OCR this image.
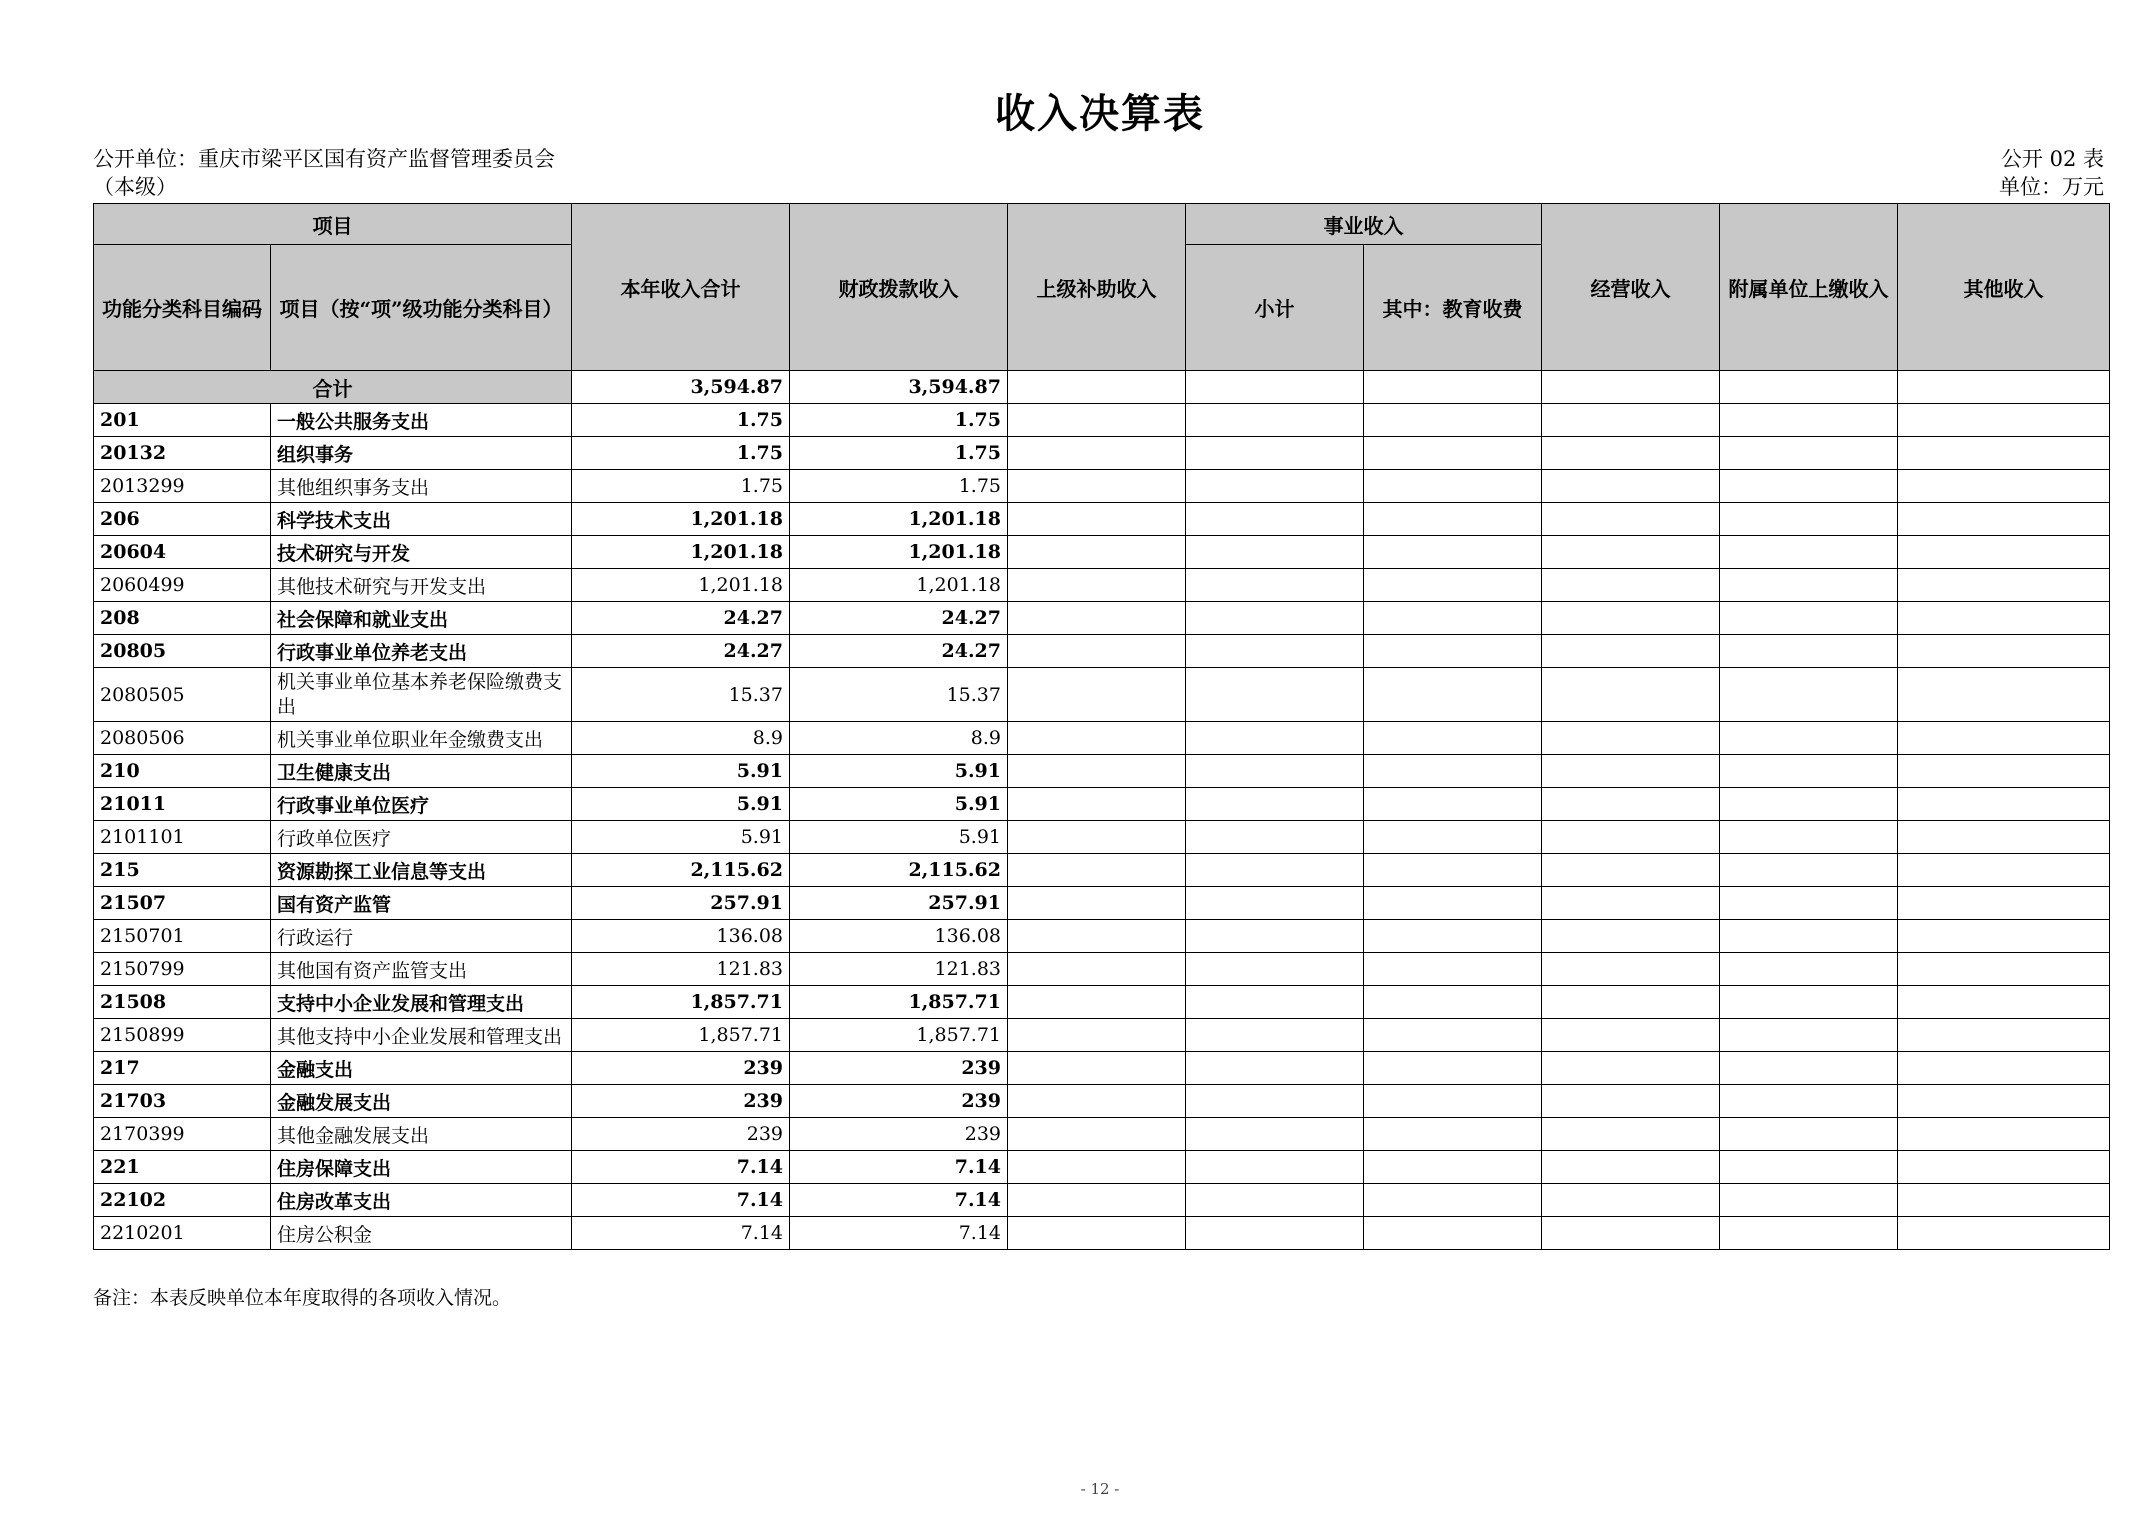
收入决算表
公开单位：重庆市梁平区国有资产监督管理委员会
（本级）
公开 02 表
单位：万元
项目		本年收入合计	财政拨款收入	上级补助收入	事业收入		经营收入	附属单位上缴收入	其他收入
功能分类科目编码	项目（按“项”级功能分类科目）				小计	其中：教育收费			
合计		3,594.87	3,594.87						
201	一般公共服务支出	1.75	1.75						
20132	组织事务	1.75	1.75						
2013299	其他组织事务支出	1.75	1.75						
206	科学技术支出	1,201.18	1,201.18						
20604	技术研究与开发	1,201.18	1,201.18						
2060499	其他技术研究与开发支出	1,201.18	1,201.18						
208	社会保障和就业支出	24.27	24.27						
20805	行政事业单位养老支出	24.27	24.27						
2080505	机关事业单位基本养老保险缴费支出	15.37	15.37						
2080506	机关事业单位职业年金缴费支出	8.9	8.9						
210	卫生健康支出	5.91	5.91						
21011	行政事业单位医疗	5.91	5.91						
2101101	行政单位医疗	5.91	5.91						
215	资源勘探工业信息等支出	2,115.62	2,115.62						
21507	国有资产监管	257.91	257.91						
2150701	行政运行	136.08	136.08						
2150799	其他国有资产监管支出	121.83	121.83						
21508	支持中小企业发展和管理支出	1,857.71	1,857.71						
2150899	其他支持中小企业发展和管理支出	1,857.71	1,857.71						
217	金融支出	239	239						
21703	金融发展支出	239	239						
2170399	其他金融发展支出	239	239						
221	住房保障支出	7.14	7.14						
22102	住房改革支出	7.14	7.14						
2210201	住房公积金	7.14	7.14						
备注：本表反映单位本年度取得的各项收入情况。
- 12 -
